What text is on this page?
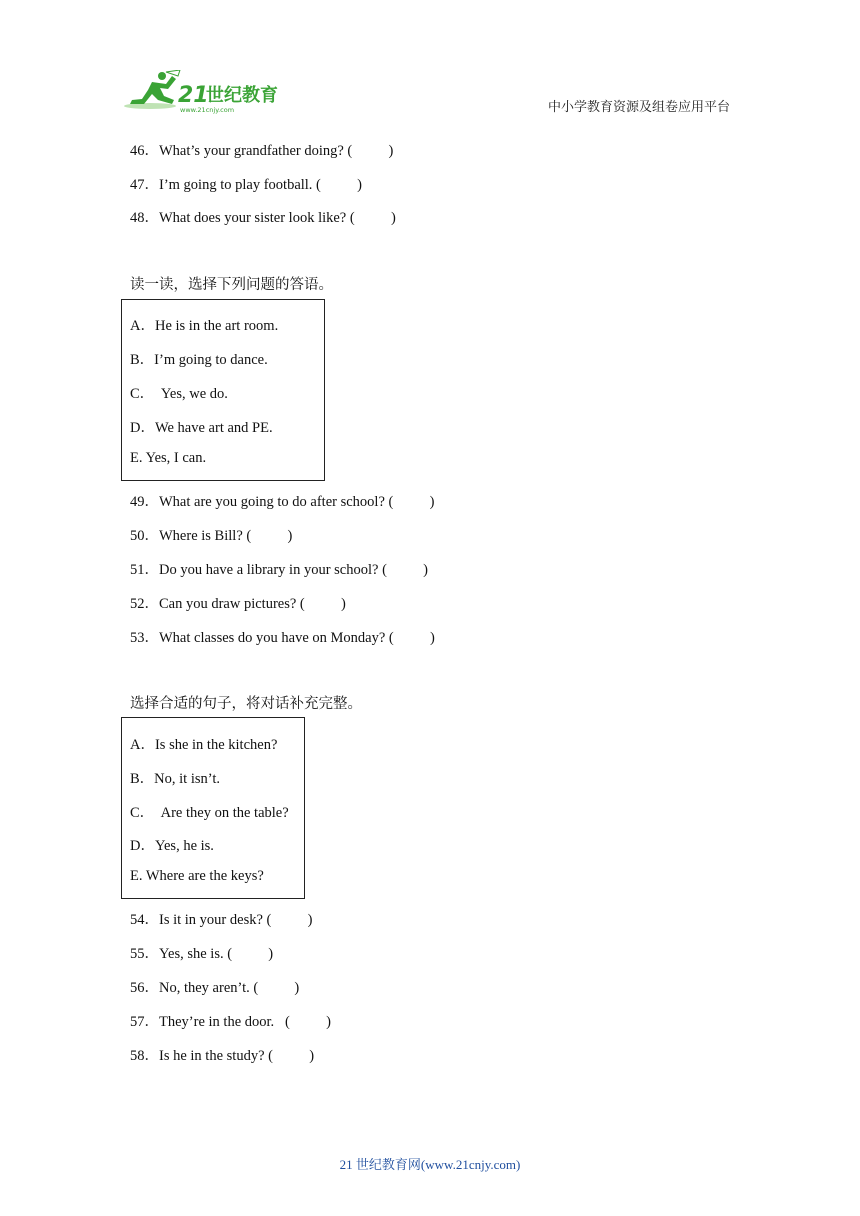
21
世纪教育
www.21cnjy.com	中小学教育资源及组卷应用平台
46．What’s your grandfather doing? (          )
47．I’m going to play football. (          )
48．What does your sister look like? (          )
读一读，选择下列问题的答语。
A．He is in the art room.
B．I’m going to dance.
C．  Yes, we do.
D．We have art and PE.
E. Yes, I can.
49．What are you going to do after school? (          )
50．Where is Bill? (          )
51．Do you have a library in your school? (          )
52．Can you draw pictures? (          )
53．What classes do you have on Monday? (          )
选择合适的句子，将对话补充完整。
A．Is she in the kitchen?
B．No, it isn’t.
C．  Are they on the table?
D．Yes, he is.
E. Where are the keys?
54．Is it in your desk? (          )
55．Yes, she is. (          )
56．No, they aren’t. (          )
57．They’re in the door.   (          )
58．Is he in the study? (          )
21 世纪教育网(www.21cnjy.com)
